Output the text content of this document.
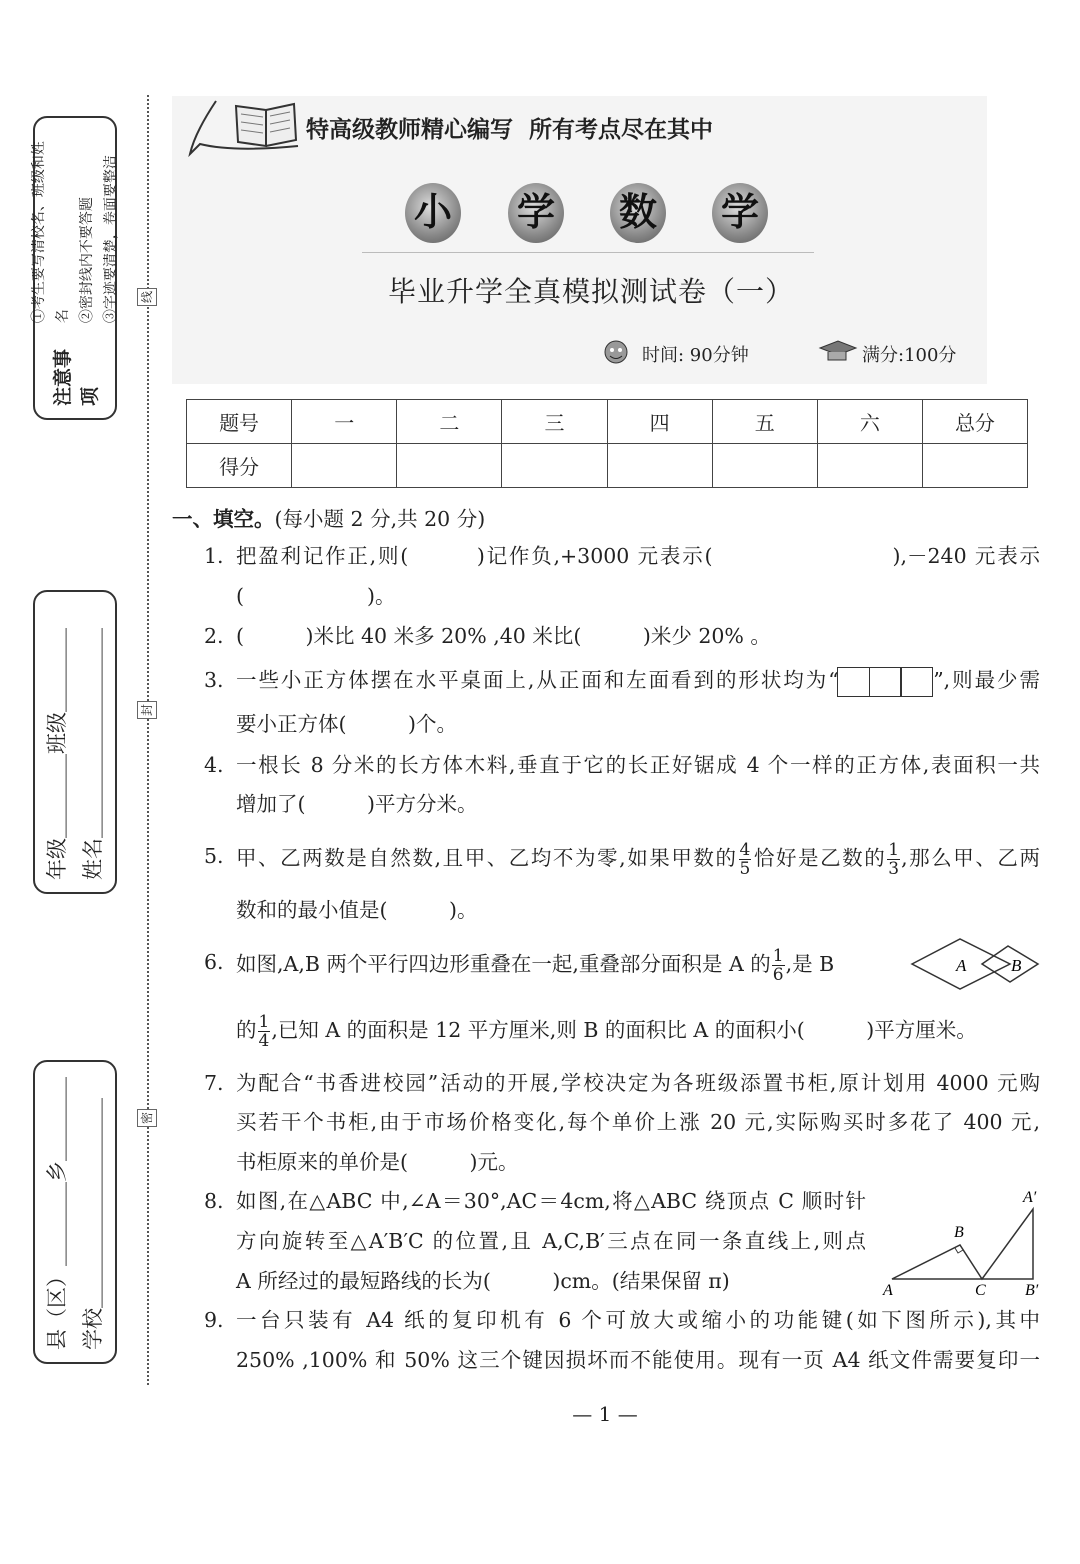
注意事项
①考生要写清校名、班级和姓名 ②密封线内不要答题 ③字迹要清楚，卷面要整洁
年级＿＿＿＿班级＿＿＿＿ 姓名＿＿＿＿＿＿＿＿＿＿
县（区）＿＿＿＿乡＿＿＿＿ 学校＿＿＿＿＿＿＿＿＿＿
线
封
密
特高级教师精心编写  所有考点尽在其中
小 学 数 学
毕业升学全真模拟测试卷（一）
时间: 90分钟	满分:100分
题号	一	二	三	四	五	六	总分
得分							
一、填空。(每小题 2 分,共 20 分)
1. 把盈利记作正,则(　　　)记作负,+3000 元表示(　　　　　　　　),－240 元表示
(　　　　　　)。
2. (　　　)米比 40 米多 20% ,40 米比(　　　)米少 20% 。
3. 一些小正方体摆在水平桌面上,从正面和左面看到的形状均为“	”,则最少需
要小正方体(　　　)个。
4. 一根长 8 分米的长方体木料,垂直于它的长正好锯成 4 个一样的正方体,表面积一共
增加了(　　　)平方分米。
5. 甲、乙两数是自然数,且甲、乙均不为零,如果甲数的 $\frac{4}{5}$ 恰好是乙数的 $\frac{1}{3}$ ,那么甲、乙两
数和的最小值是(　　　)。
6. 如图,A,B 两个平行四边形重叠在一起,重叠部分面积是 A 的 $\frac{1}{6}$ ,是 B	A	B
的 $\frac{1}{4}$ ,已知 A 的面积是 12 平方厘米,则 B 的面积比 A 的面积小(　　　)平方厘米。
7. 为配合“书香进校园”活动的开展,学校决定为各班级添置书柜,原计划用 4000 元购
买若干个书柜,由于市场价格变化,每个单价上涨 20 元,实际购买时多花了 400 元,
书柜原来的单价是(　　　)元。
8. 如图,在△ABC 中,∠A＝30°,AC＝4cm,将△ABC 绕顶点 C 顺时针
方向旋转至△A′B′C 的位置,且 A,C,B′三点在同一条直线上,则点
A 所经过的最短路线的长为(　　　)cm。(结果保留 π)	A
B
C
A′
B′
9. 一台只装有 A4 纸的复印机有 6 个可放大或缩小的功能键(如下图所示),其中
250% ,100% 和 50% 这三个键因损坏而不能使用。现有一页 A4 纸文件需要复印一
— 1 —
